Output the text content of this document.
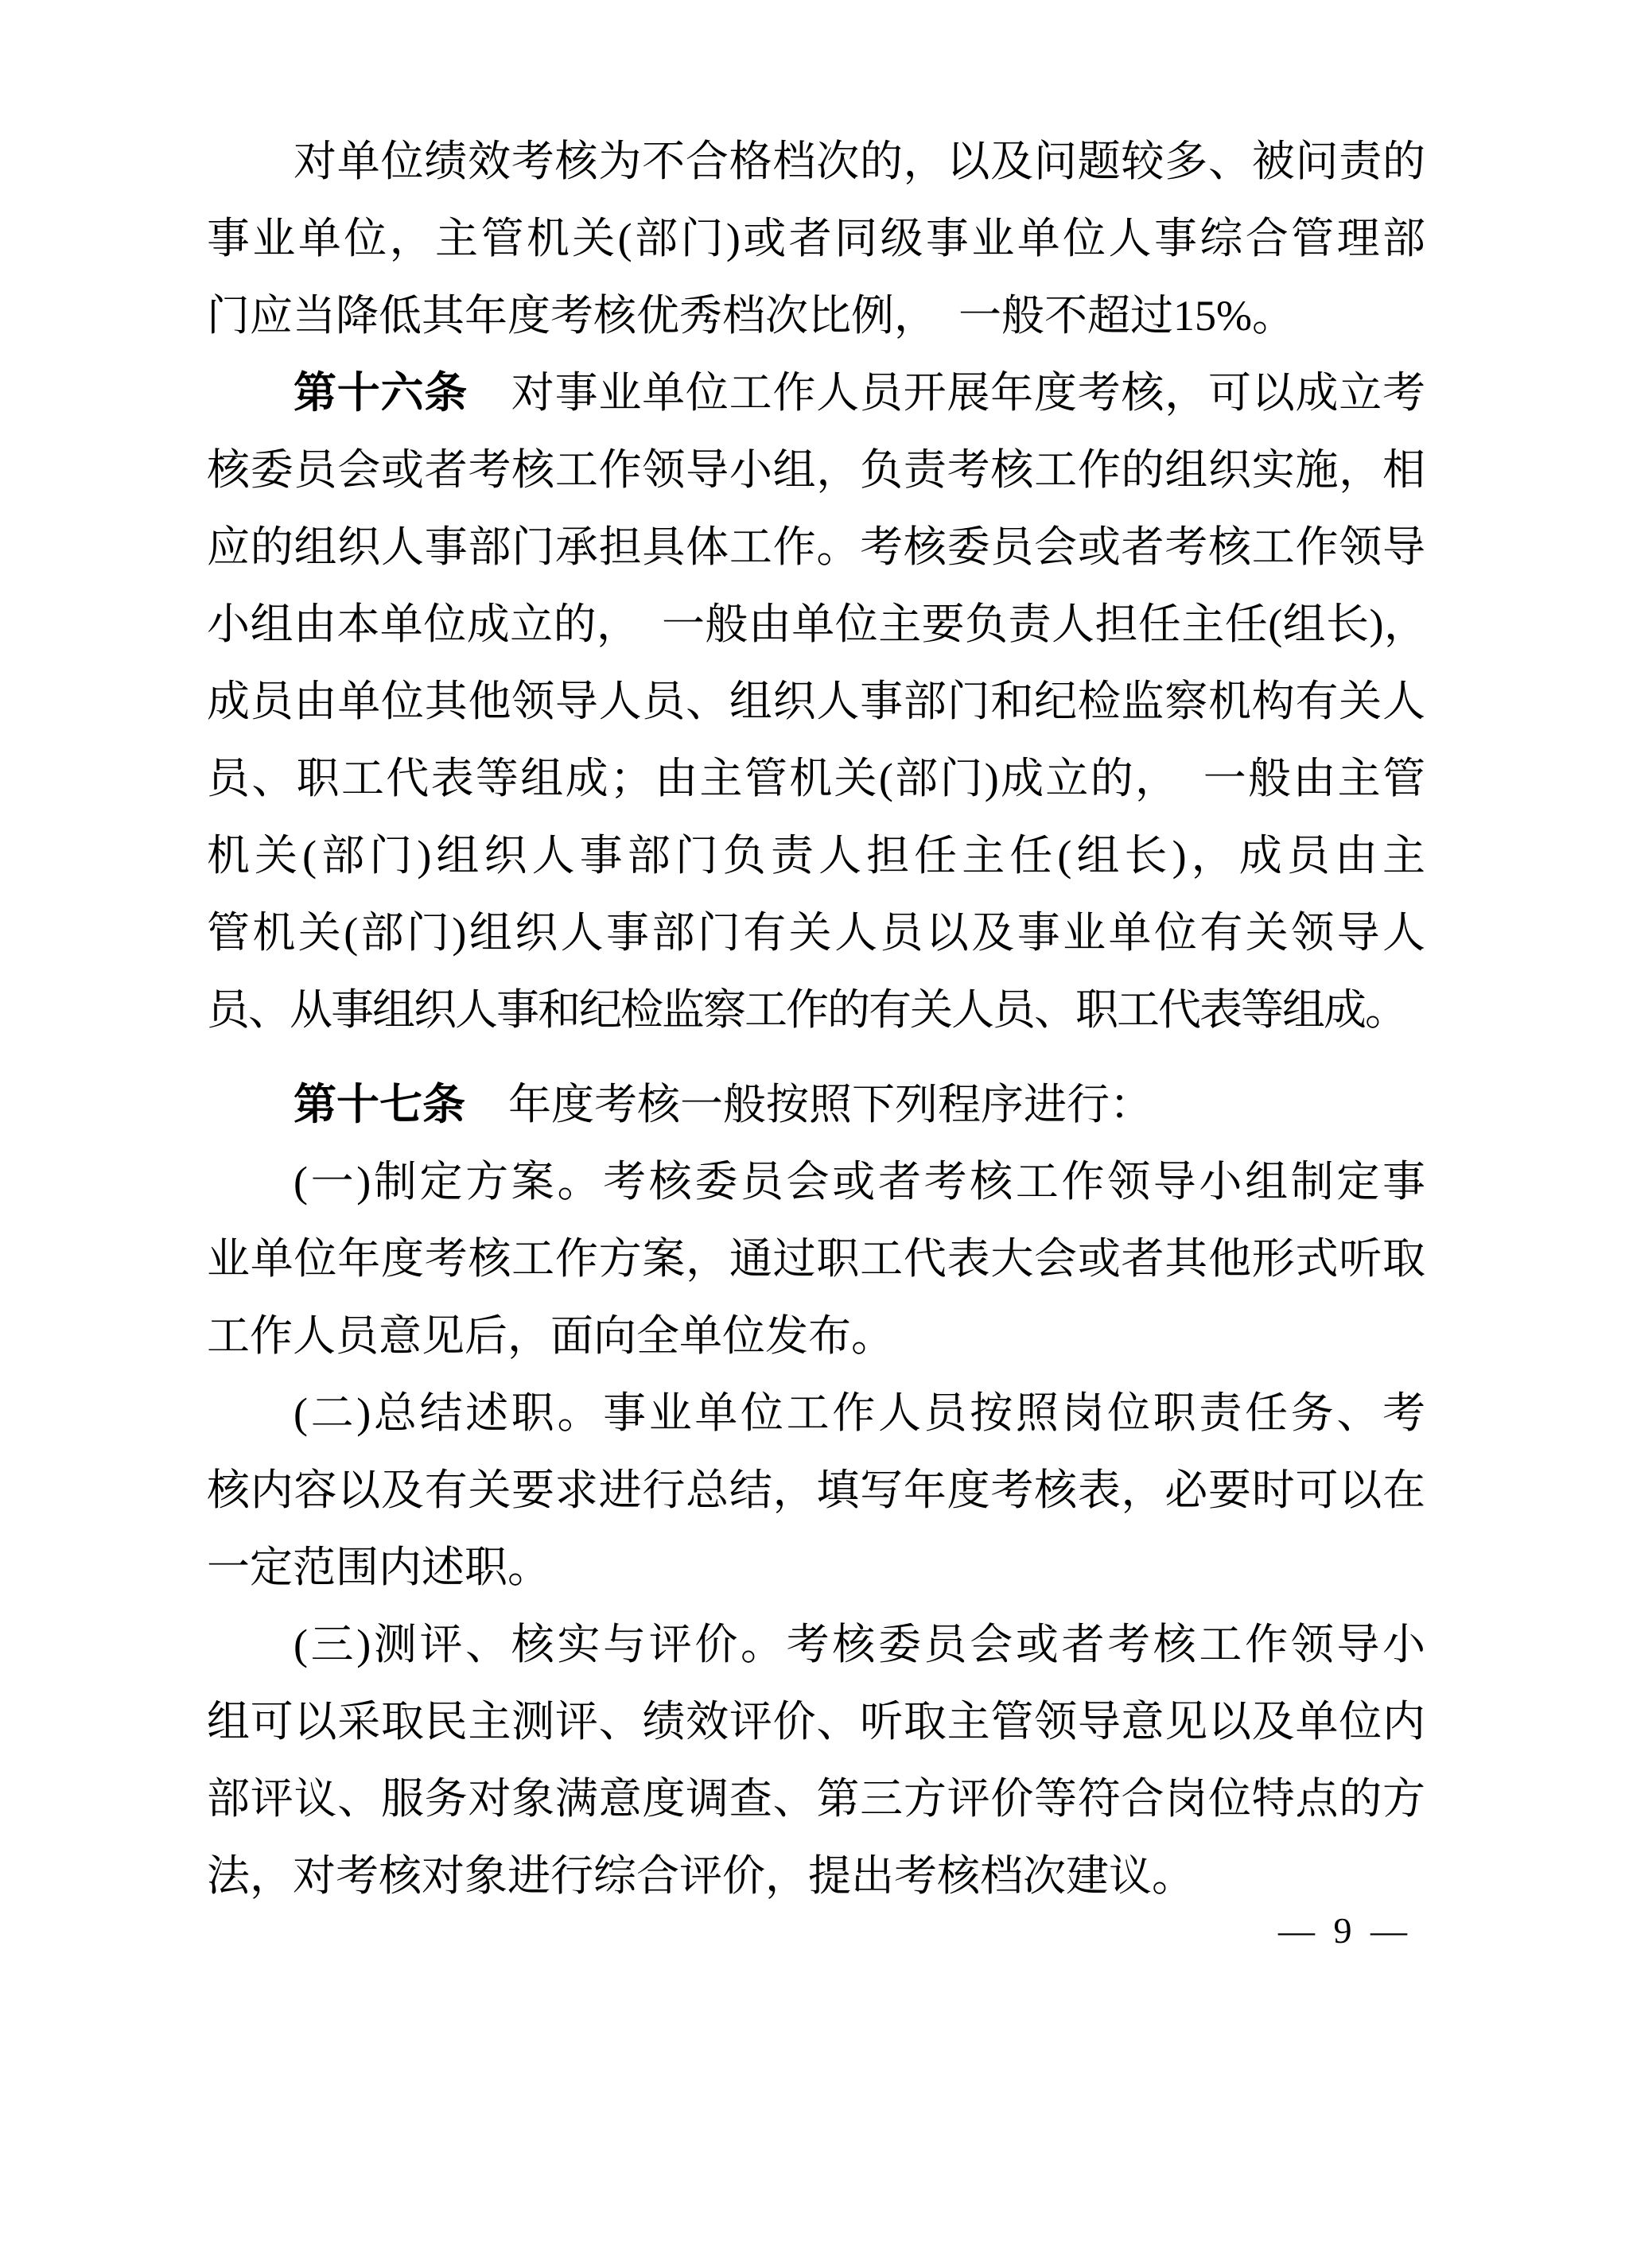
对单位绩效考核为不合格档次的，以及问题较多、被问责的
事业单位，主管机关(部门)或者同级事业单位人事综合管理部
门应当降低其年度考核优秀档次比例，　一般不超过15%。
第十六条　对事业单位工作人员开展年度考核，可以成立考
核委员会或者考核工作领导小组，负责考核工作的组织实施，相
应的组织人事部门承担具体工作。考核委员会或者考核工作领导
小组由本单位成立的，　一般由单位主要负责人担任主任(组长)，
成员由单位其他领导人员、组织人事部门和纪检监察机构有关人
员、职工代表等组成；由主管机关(部门)成立的，　一般由主管
机关(部门)组织人事部门负责人担任主任(组长)，成员由主
管机关(部门)组织人事部门有关人员以及事业单位有关领导人
员、从事组织人事和纪检监察工作的有关人员、职工代表等组成。
第十七条　年度考核一般按照下列程序进行：
(一)制定方案。考核委员会或者考核工作领导小组制定事
业单位年度考核工作方案，通过职工代表大会或者其他形式听取
工作人员意见后，面向全单位发布。
(二)总结述职。事业单位工作人员按照岗位职责任务、考
核内容以及有关要求进行总结，填写年度考核表，必要时可以在
一定范围内述职。
(三)测评、核实与评价。考核委员会或者考核工作领导小
组可以采取民主测评、绩效评价、听取主管领导意见以及单位内
部评议、服务对象满意度调查、第三方评价等符合岗位特点的方
法，对考核对象进行综合评价，提出考核档次建议。
— 9 —
